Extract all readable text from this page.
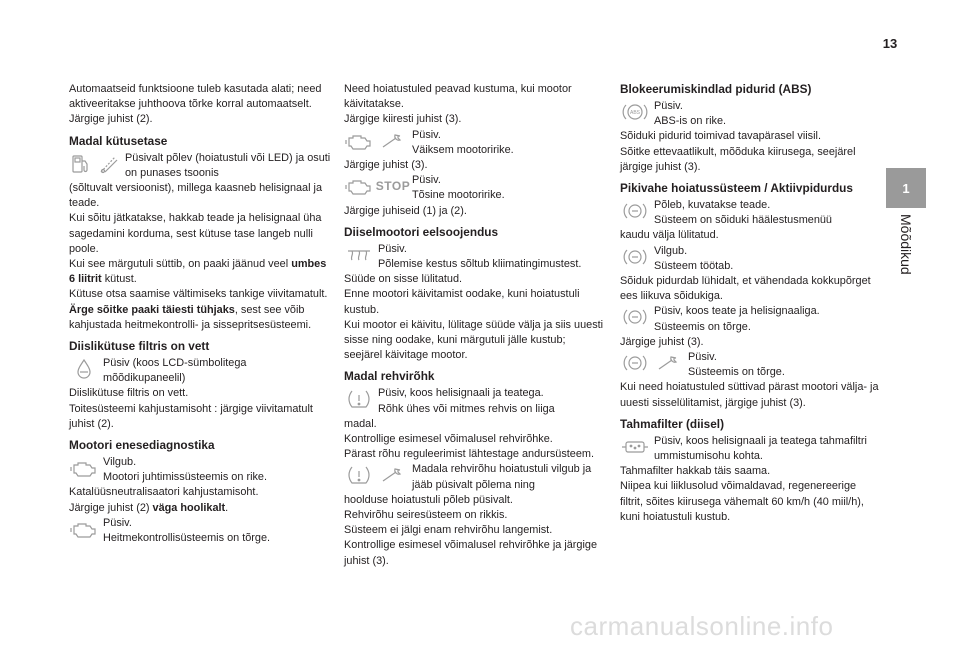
13
1
Mõõdikud

Automaatseid funktsioone tuleb kasutada alati; need aktiveeritakse juhthoova tõrke korral automaatselt.

Järgige juhist (2).

Madal kütusetase
Püsivalt põlev (hoiatustuli või LED) ja osuti on punases tsoonis

(sõltuvalt versioonist), millega kaasneb helisignaal ja teade.

Kui sõitu jätkatakse, hakkab teade ja helisignaal üha sagedamini korduma, sest kütuse tase langeb nulli poole.

Kui see märgutuli süttib, on paaki jäänud veel umbes 6 liitrit kütust.

Kütuse otsa saamise vältimiseks tankige viivitamatult.

Ärge sõitke paaki täiesti tühjaks, sest see võib kahjustada heitmekontrolli- ja sissepritsesüsteemi.

Diislikütuse filtris on vett
Püsiv (koos LCD-sümbolitega mõõdikupaneelil)

Diislikütuse filtris on vett.

Toitesüsteemi kahjustamisoht : järgige viivitamatult juhist (2).

Mootori enesediagnostika
Vilgub.
Mootori juhtimissüsteemis on rike.

Katalüüsneutralisaatori kahjustamisoht.

Järgige juhist (2) väga hoolikalt.

Püsiv.
Heitmekontrollisüsteemis on tõrge.

Need hoiatustuled peavad kustuma, kui mootor käivitatakse.

Järgige kiiresti juhist (3).

Püsiv.
Väiksem mootoririke.

Järgige juhist (3).

STOP Püsiv.
Tõsine mootoririke.

Järgige juhiseid (1) ja (2).

Diiselmootori eelsoojendus
Püsiv.
Põlemise kestus sõltub kliimatingimustest.

Süüde on sisse lülitatud.

Enne mootori käivitamist oodake, kuni hoiatustuli kustub.

Kui mootor ei käivitu, lülitage süüde välja ja siis uuesti sisse ning oodake, kuni märgutuli jälle kustub; seejärel käivitage mootor.

Madal rehvirõhk
Püsiv, koos helisignaali ja teatega.
Rõhk ühes või mitmes rehvis on liiga

madal.

Kontrollige esimesel võimalusel rehvirõhke.

Pärast rõhu reguleerimist lähtestage andursüsteem.

Madala rehvirõhu hoiatustuli vilgub ja jääb püsivalt põlema ning

hoolduse hoiatustuli põleb püsivalt.

Rehvirõhu seiresüsteem on rikkis.

Süsteem ei jälgi enam rehvirõhu langemist.

Kontrollige esimesel võimalusel rehvirõhke ja järgige juhist (3).

Blokeerumiskindlad pidurid (ABS)
ABS
Püsiv.
ABS-is on rike.

Sõiduki pidurid toimivad tavapärasel viisil.

Sõitke ettevaatlikult, mõõduka kiirusega, seejärel järgige juhist (3).

Pikivahe hoiatussüsteem / Aktiivpidurdus
Põleb, kuvatakse teade.
Süsteem on sõiduki häälestusmenüü

kaudu välja lülitatud.

Vilgub.
Süsteem töötab.

Sõiduk pidurdab lühidalt, et vähendada kokkupõrget ees liikuva sõidukiga.

Püsiv, koos teate ja helisignaaliga.
Süsteemis on tõrge.

Järgige juhist (3).

Püsiv.
Süsteemis on tõrge.

Kui need hoiatustuled süttivad pärast mootori välja- ja uuesti sisselülitamist, järgige juhist (3).

Tahmafilter (diisel)
Püsiv, koos helisignaali ja teatega tahmafiltri ummistumisohu kohta.

Tahmafilter hakkab täis saama.

Niipea kui liiklusolud võimaldavad, regenereerige filtrit, sõites kiirusega vähemalt 60 km/h (40 miil/h), kuni hoiatustuli kustub.

carmanualsonline.info
